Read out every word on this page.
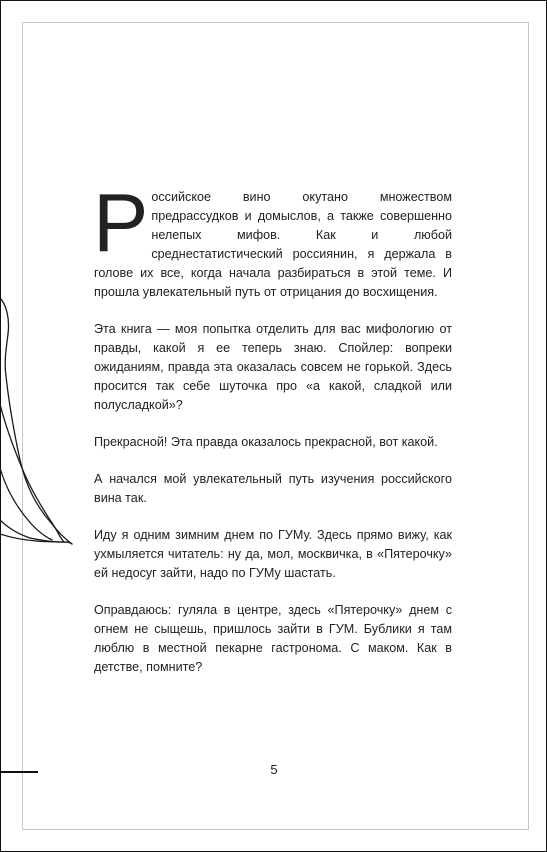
Российское вино окутано множеством предрассудков и домыслов, а также совершенно нелепых мифов. Как и любой среднестатистический россиянин, я держала в голове их все, когда начала разбираться в этой теме. И прошла увлекательный путь от отрицания до восхищения.

Эта книга — моя попытка отделить для вас мифологию от правды, какой я ее теперь знаю. Спойлер: вопреки ожиданиям, правда эта оказалась совсем не горькой. Здесь просится так себе шуточка про «а какой, сладкой или полусладкой»?

Прекрасной! Эта правда оказалось прекрасной, вот какой.

А начался мой увлекательный путь изучения российского вина так.

Иду я одним зимним днем по ГУМу. Здесь прямо вижу, как ухмыляется читатель: ну да, мол, москвичка, в «Пятерочку» ей недосуг зайти, надо по ГУМу шастать.

Оправдаюсь: гуляла в центре, здесь «Пятерочку» днем с огнем не сыщешь, пришлось зайти в ГУМ. Бублики я там люблю в местной пекарне гастронома. С маком. Как в детстве, помните?

5
